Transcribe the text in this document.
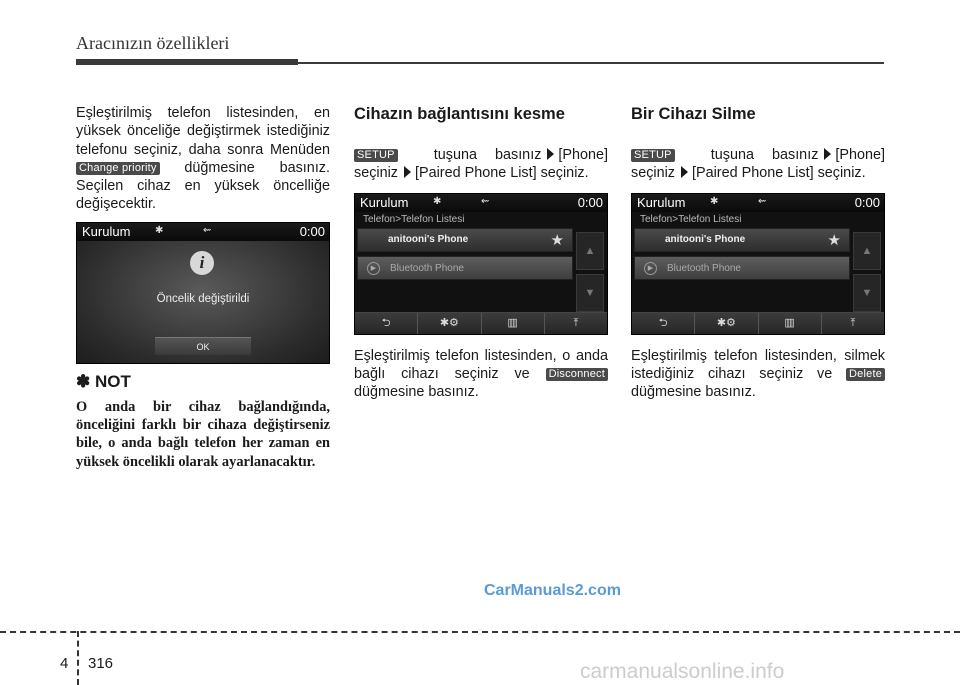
Aracınızın özellikleri

Eşleştirilmiş telefon listesinden, en yüksek önceliğe değiştirmek istediğiniz telefonu seçiniz, daha sonra Menüden Change priority düğmesine basınız. Seçilen cihaz en yüksek öncelliğe değişecektir.

Kurulum ✱	⇜	0:00
i
Öncelik değiştirildi
OK
✽ NOT

O anda bir cihaz bağlandığında, önceliğini farklı bir cihaza değiştirseniz bile, o anda bağlı telefon her zaman en yüksek öncelikli olarak ayarlanacaktır.

Cihazın bağlantısını kesme

SETUP	tuşuna basınız [Phone] seçiniz [Paired Phone List] seçiniz.

Kurulum ✱	⇜	0:00
Telefon>Telefon Listesi
anitooni's Phone	★
▶	Bluetooth Phone
▲
▼
⮌	✱⚙	▥	⤒

Eşleştirilmiş telefon listesinden, o anda bağlı cihazı seçiniz ve Disconnect düğmesine basınız.

Bir Cihazı Silme

SETUP	tuşuna basınız [Phone] seçiniz [Paired Phone List] seçiniz.

Kurulum ✱	⇜	0:00
Telefon>Telefon Listesi
anitooni's Phone	★
▶	Bluetooth Phone
▲
▼
⮌	✱⚙	▥	⤒

Eşleştirilmiş telefon listesinden, silmek istediğiniz cihazı seçiniz ve Delete düğmesine basınız.

CarManuals2.com
4 316	carmanualsonline.info
